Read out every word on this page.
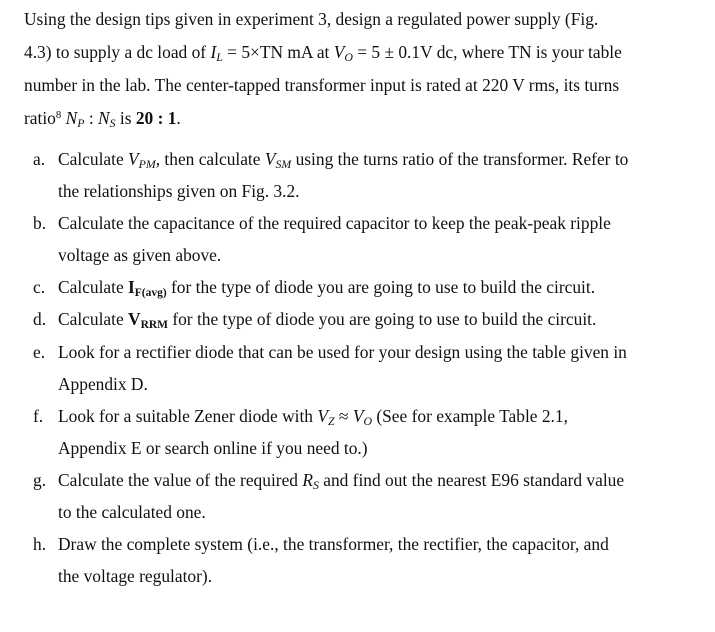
Using the design tips given in experiment 3, design a regulated power supply (Fig.
4.3) to supply a dc load of $I_L = 5\times TN$ mA at $V_O = 5 \pm 0.1V$ dc, where TN is your table
number in the lab. The center-tapped transformer input is rated at 220 V rms, its turns
ratio$^8$ $N_P$ : $N_S$ is 20 : 1.

a. Calculate $V_{PM}$, then calculate $V_{SM}$ using the turns ratio of the transformer. Refer to
the relationships given on Fig. 3.2.
b. Calculate the capacitance of the required capacitor to keep the peak-peak ripple
voltage as given above.
c. Calculate IF(avg) for the type of diode you are going to use to build the circuit.
d. Calculate VRRM for the type of diode you are going to use to build the circuit.
e. Look for a rectifier diode that can be used for your design using the table given in
Appendix D.
f. Look for a suitable Zener diode with $V_Z \approx V_O$ (See for example Table 2.1,
Appendix E or search online if you need to.)
g. Calculate the value of the required $R_S$ and find out the nearest E96 standard value
to the calculated one.
h. Draw the complete system (i.e., the transformer, the rectifier, the capacitor, and
the voltage regulator).
